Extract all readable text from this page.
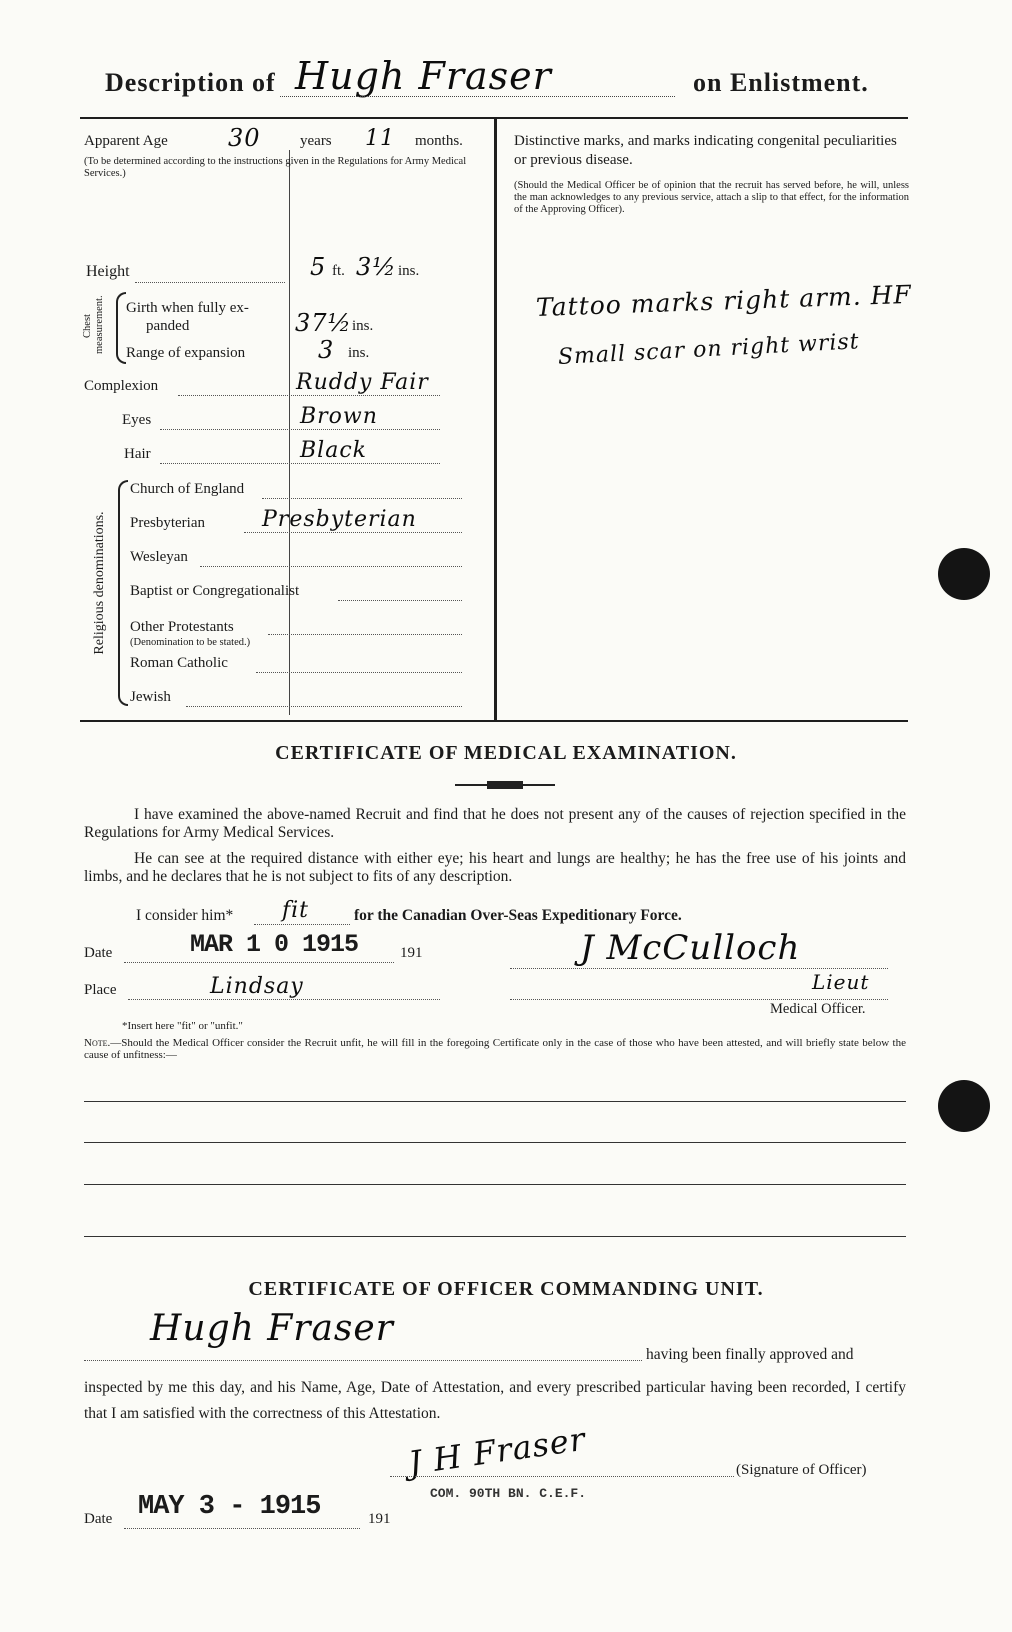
Description of Hugh Fraser	on Enlistment.
Apparent Age	30	years 11 months.
(To be determined according to the instructions given in the Regulations for Army Medical Services.)
Height	5 ft. 3½ ins.
Chest measurement. Girth when fully ex-
panded	37½ ins.
Range of expansion	3 ins.
Complexion	Ruddy Fair
Eyes	Brown
Hair	Black
Religious denominations.
Church of England
Presbyterian	Presbyterian
Wesleyan
Baptist or Congregationalist
Other Protestants
(Denomination to be stated.)
Roman Catholic
Jewish
Distinctive marks, and marks indicating congenital peculiarities or previous disease.
(Should the Medical Officer be of opinion that the recruit has served before, he will, unless the man acknowledges to any previous service, attach a slip to that effect, for the information of the Approving Officer).
Tattoo marks right arm. HF
Small scar on right wrist
CERTIFICATE OF MEDICAL EXAMINATION.
I have examined the above-named Recruit and find that he does not present any of the causes of rejection specified in the Regulations for Army Medical Services.
He can see at the required distance with either eye; his heart and lungs are healthy; he has the free use of his joints and limbs, and he declares that he is not subject to fits of any description.
I consider him* fit	for the Canadian Over-Seas Expeditionary Force.
Date	MAR 1 0 1915	191
Place	Lindsay
J McCulloch
Lieut
Medical Officer.
*Insert here "fit" or "unfit."
Note.—Should the Medical Officer consider the Recruit unfit, he will fill in the foregoing Certificate only in the case of those who have been attested, and will briefly state below the cause of unfitness:—
CERTIFICATE OF OFFICER COMMANDING UNIT.
Hugh Fraser
having been finally approved and
inspected by me this day, and his Name, Age, Date of Attestation, and every prescribed particular having been recorded, I certify that I am satisfied with the correctness of this Attestation.
J H Fraser	(Signature of Officer)
COM. 90TH BN. C.E.F.
Date MAY 3 - 1915	191
